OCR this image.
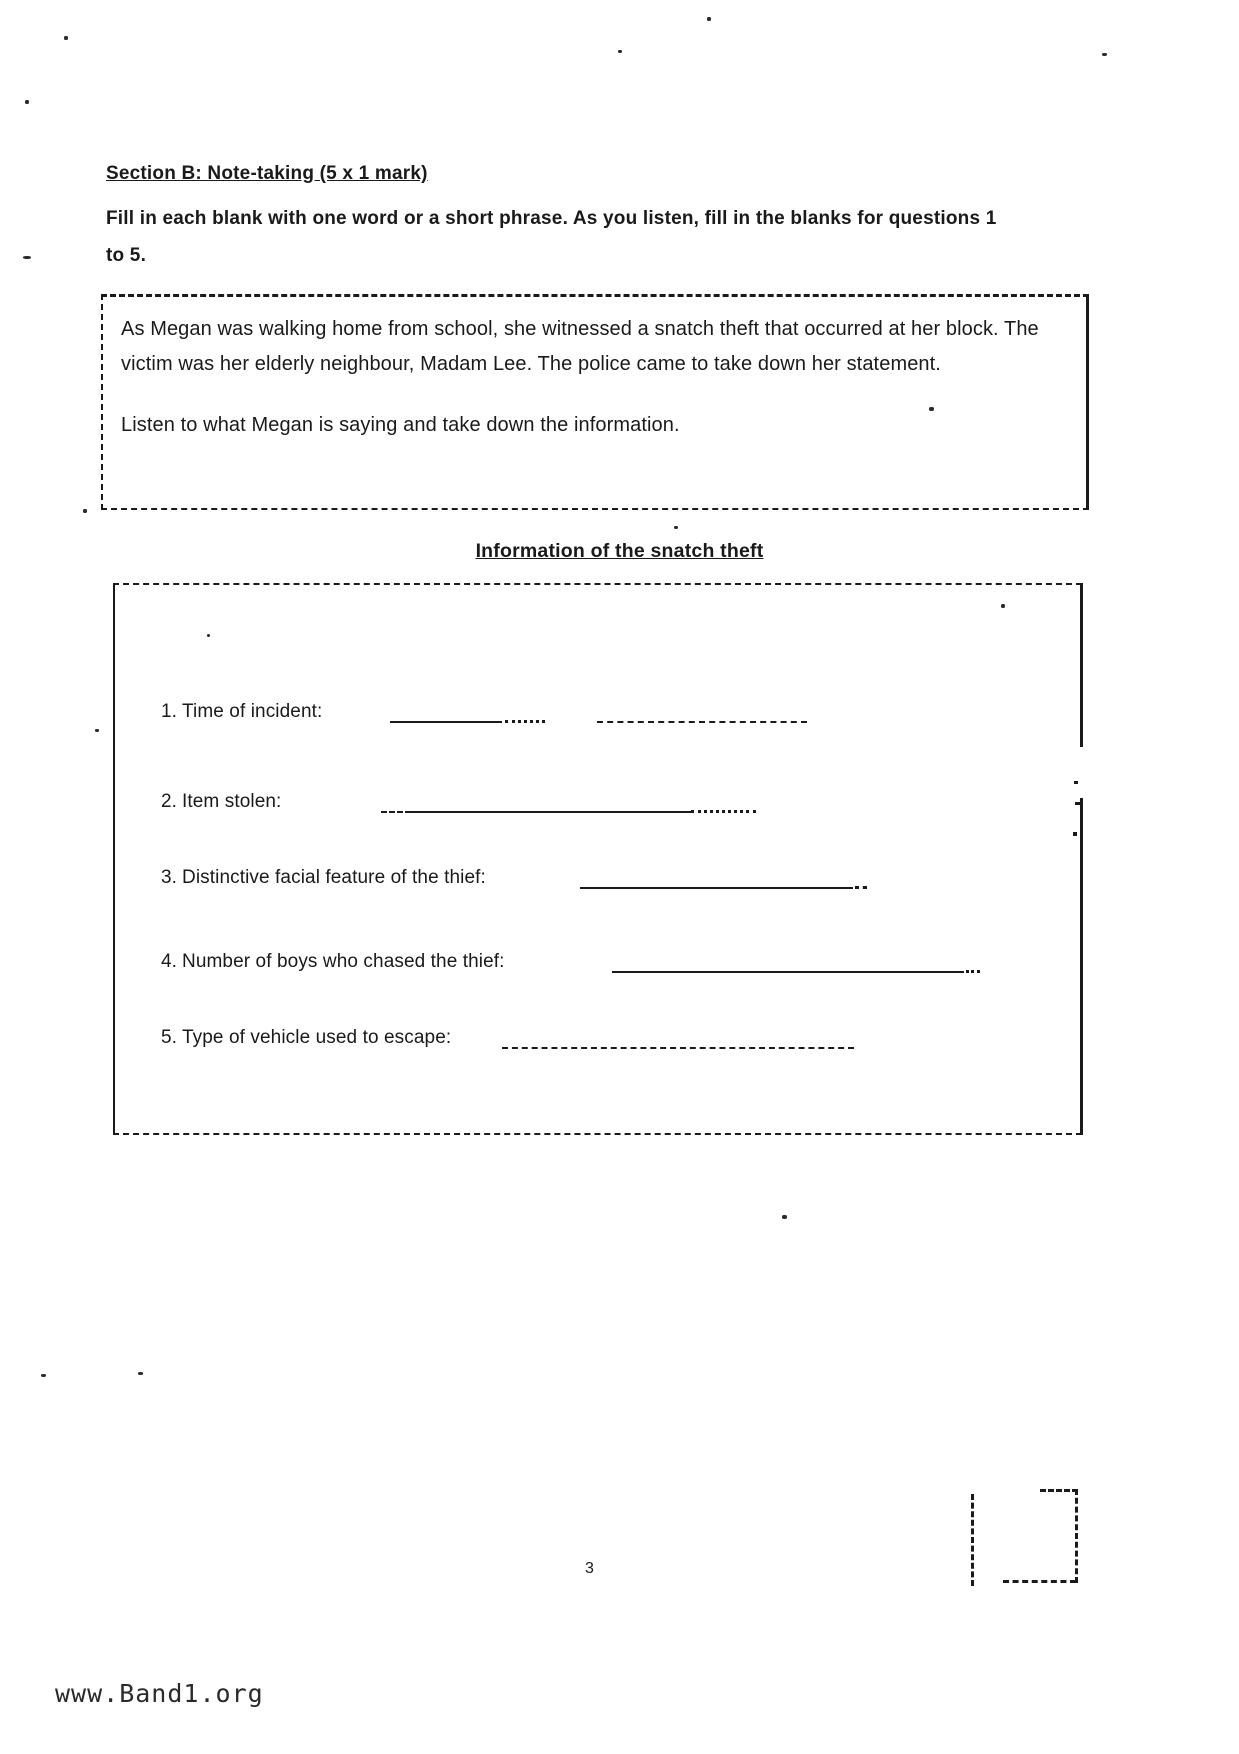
Section B: Note-taking (5 x 1 mark)
Fill in each blank with one word or a short phrase. As you listen, fill in the blanks for questions 1 to 5.

As Megan was walking home from school, she witnessed a snatch theft that occurred at her block. The victim was her elderly neighbour, Madam Lee. The police came to take down her statement.

Listen to what Megan is saying and take down the information.

Information of the snatch theft
1. Time of incident:
2. Item stolen:
3. Distinctive facial feature of the thief:
4. Number of boys who chased the thief:
5. Type of vehicle used to escape:
3
www.Band1.org
